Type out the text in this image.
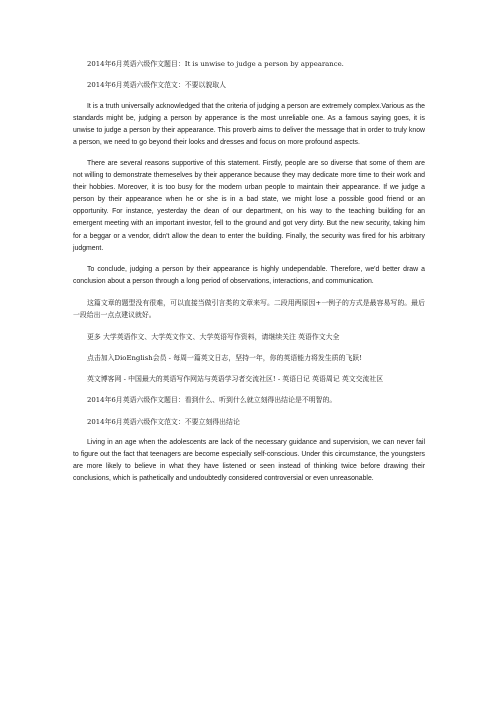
2014年6月英语六级作文题目：It is unwise to judge a person by appearance.

2014年6月英语六级作文范文：不要以貌取人

It is a truth universally acknowledged that the criteria of judging a person are extremely complex.Various as the standards might be, judging a person by apperance is the most unreliable one. As a famous saying goes, it is unwise to judge a person by their appearance. This proverb aims to deliver the message that in order to truly know a person, we need to go beyond their looks and dresses and focus on more profound aspects.

There are several reasons supportive of this statement. Firstly, people are so diverse that some of them are not willing to demonstrate themeselves by their apperance because they may dedicate more time to their work and their hobbies. Moreover, it is too busy for the modern urban people to maintain their appearance. If we judge a person by their appearance when he or she is in a bad state, we might lose a possible good friend or an opportunity. For instance, yesterday the dean of our department, on his way to the teaching building for an emergent meeting with an important investor, fell to the ground and got very dirty. But the new security, taking him for a beggar or a vendor, didn't allow the dean to enter the building. Finally, the security was fired for his arbitrary judgment.

To conclude, judging a person by their appearance is highly undependable. Therefore, we'd better draw a conclusion about a person through a long period of observations, interactions, and communication.

这篇文章的题型没有很难，可以直接当做引言类的文章来写。二段用两原因+一例子的方式是最容易写的。最后一段给出一点点建议就好。

更多 大学英语作文、大学英文作文、大学英语写作资料，请继续关注 英语作文大全

点击加入DioEnglish会员 - 每周一篇英文日志，坚持一年，你的英语能力将发生质的飞跃!

英文博客网 - 中国最大的英语写作网站与英语学习者交流社区! - 英语日记 英语周记 英文交流社区

2014年6月英语六级作文题目：看到什么、听到什么就立刻得出结论是不明智的。

2014年6月英语六级作文范文：不要立刻得出结论

Living in an age when the adolescents are lack of the necessary guidance and supervision, we can never fail to figure out the fact that teenagers are become especially self-conscious. Under this circumstance, the youngsters are more likely to believe in what they have listened or seen instead of thinking twice before drawing their conclusions, which is pathetically and undoubtedly considered controversial or even unreasonable.
